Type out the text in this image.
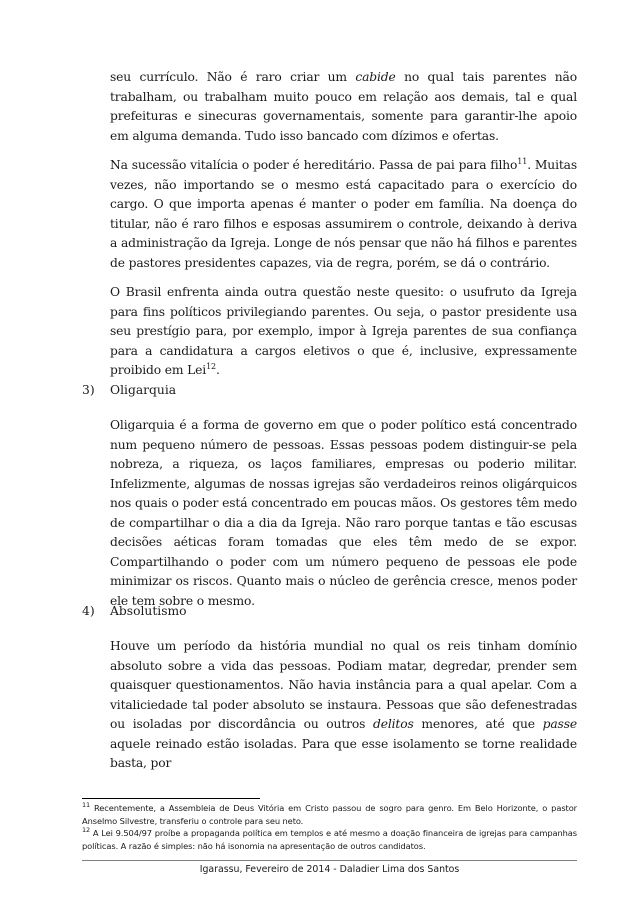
seu currículo. Não é raro criar um cabide no qual tais parentes não trabalham, ou trabalham muito pouco em relação aos demais, tal e qual prefeituras e sinecuras governamentais, somente para garantir-lhe apoio em alguma demanda. Tudo isso bancado com dízimos e ofertas.

Na sucessão vitalícia o poder é hereditário. Passa de pai para filho$^{11}$. Muitas vezes, não importando se o mesmo está capacitado para o exercício do cargo. O que importa apenas é manter o poder em família. Na doença do titular, não é raro filhos e esposas assumirem o controle, deixando à deriva a administração da Igreja. Longe de nós pensar que não há filhos e parentes de pastores presidentes capazes, via de regra, porém, se dá o contrário.

O Brasil enfrenta ainda outra questão neste quesito: o usufruto da Igreja para fins políticos privilegiando parentes. Ou seja, o pastor presidente usa seu prestígio para, por exemplo, impor à Igreja parentes de sua confiança para a candidatura a cargos eletivos o que é, inclusive, expressamente proibido em Lei$^{12}$.

3) Oligarquia

Oligarquia é a forma de governo em que o poder político está concentrado num pequeno número de pessoas. Essas pessoas podem distinguir-se pela nobreza, a riqueza, os laços familiares, empresas ou poderio militar. Infelizmente, algumas de nossas igrejas são verdadeiros reinos oligárquicos nos quais o poder está concentrado em poucas mãos. Os gestores têm medo de compartilhar o dia a dia da Igreja. Não raro porque tantas e tão escusas decisões aéticas foram tomadas que eles têm medo de se expor. Compartilhando o poder com um número pequeno de pessoas ele pode minimizar os riscos. Quanto mais o núcleo de gerência cresce, menos poder ele tem sobre o mesmo.

4) Absolutismo

Houve um período da história mundial no qual os reis tinham domínio absoluto sobre a vida das pessoas. Podiam matar, degredar, prender sem quaisquer questionamentos. Não havia instância para a qual apelar. Com a vitaliciedade tal poder absoluto se instaura. Pessoas que são defenestradas ou isoladas por discordância ou outros delitos menores, até que passe aquele reinado estão isoladas. Para que esse isolamento se torne realidade basta, por

$^{11}$ Recentemente, a Assembleia de Deus Vitória em Cristo passou de sogro para genro. Em Belo Horizonte, o pastor Anselmo Silvestre, transferiu o controle para seu neto.

Igarassu, Fevereiro de 2014 - Daladier Lima dos Santos

$^{12}$ A Lei 9.504/97 proíbe a propaganda política em templos e até mesmo a doação financeira de igrejas para campanhas políticas. A razão é simples: não há isonomia na apresentação de outros candidatos.
